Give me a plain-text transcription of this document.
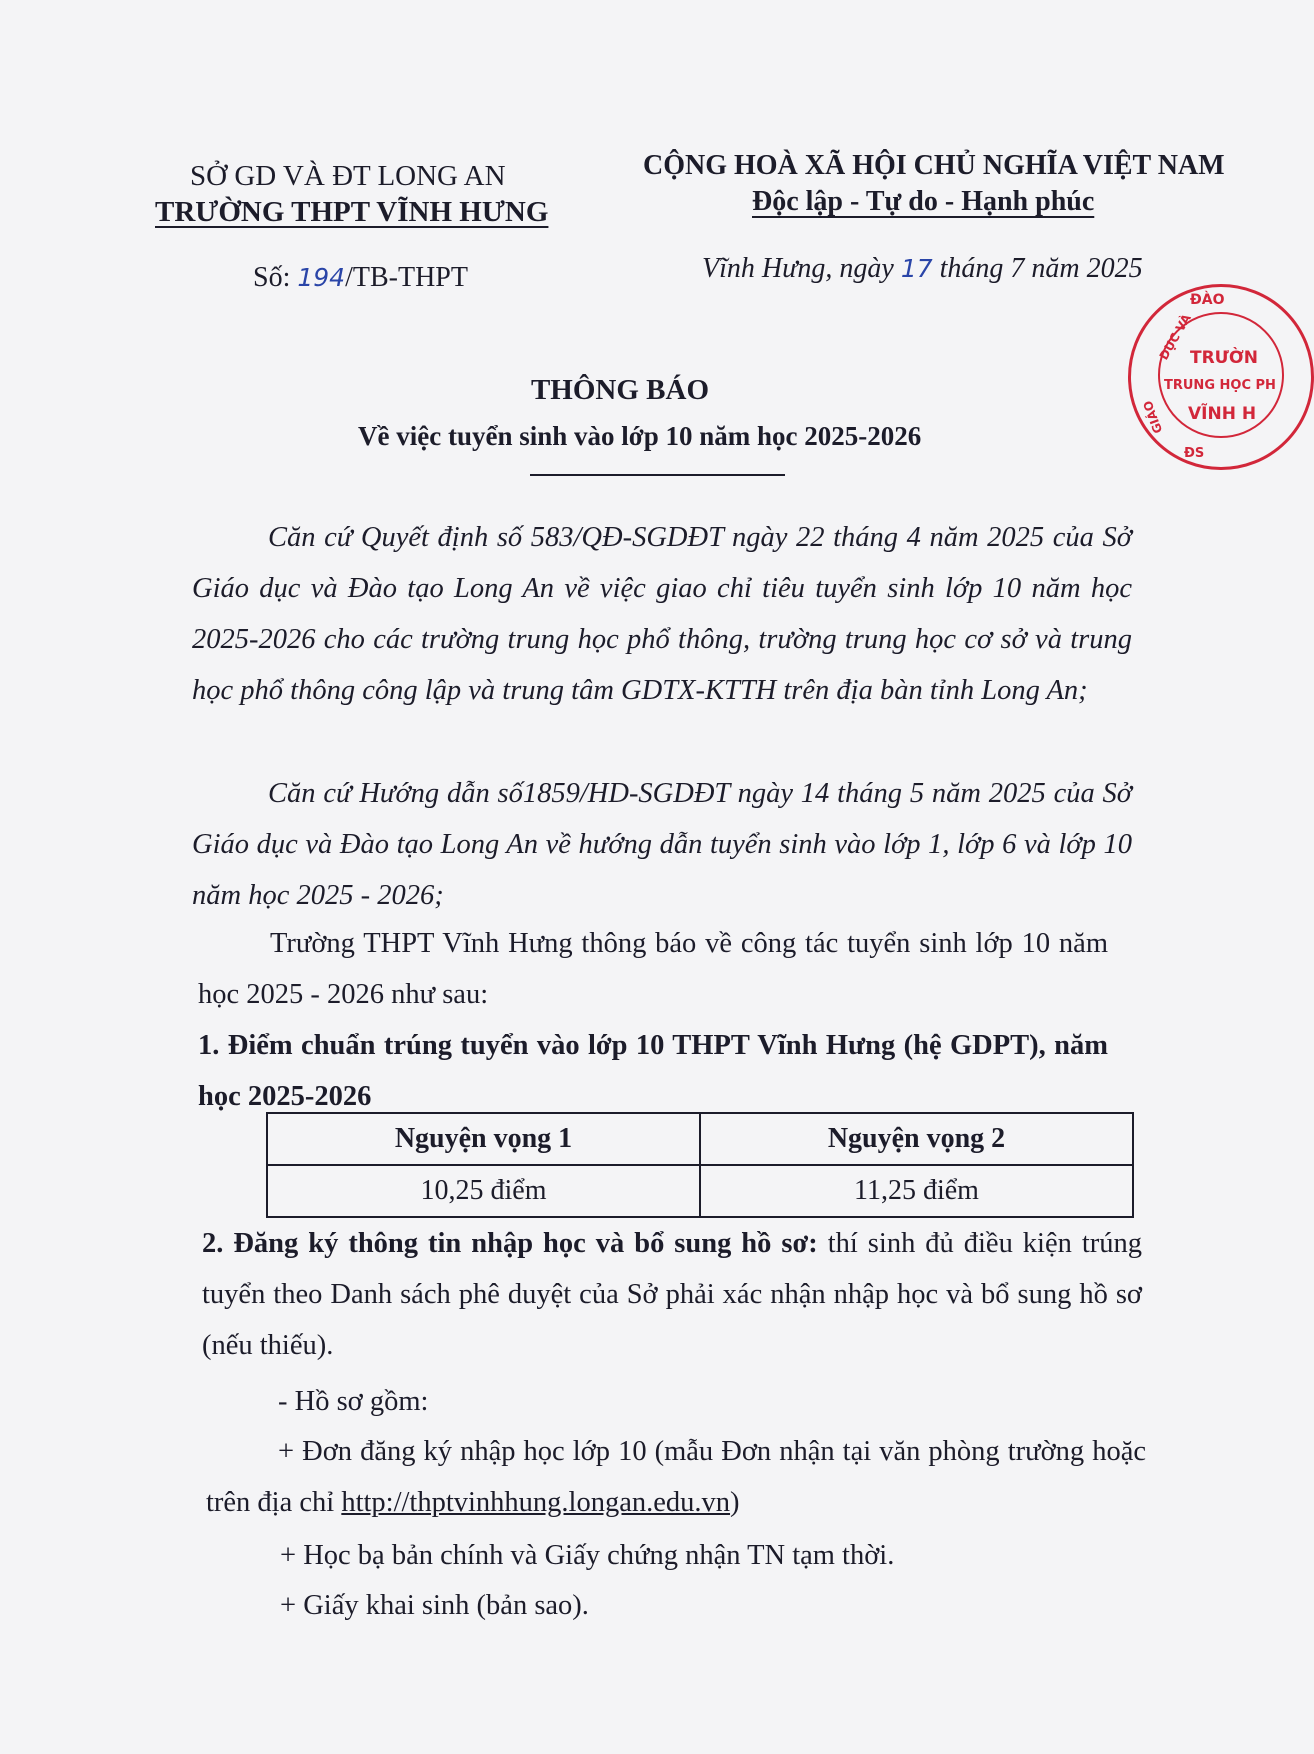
SỞ GD VÀ ĐT LONG AN
TRƯỜNG THPT VĨNH HƯNG
Số: 194/TB-THPT
CỘNG HOÀ XÃ HỘI CHỦ NGHĨA VIỆT NAM
Độc lập - Tự do - Hạnh phúc
Vĩnh Hưng, ngày 17 tháng 7 năm 2025
ĐÀO
DỤC VÀ
GIÁO
ĐS
TRƯỜN
TRUNG HỌC PH
VĨNH H
THÔNG BÁO
Về việc tuyển sinh vào lớp 10 năm học 2025-2026
Căn cứ Quyết định số 583/QĐ-SGDĐT ngày 22 tháng 4 năm 2025 của Sở Giáo dục và Đào tạo Long An về việc giao chỉ tiêu tuyển sinh lớp 10 năm học 2025-2026 cho các trường trung học phổ thông, trường trung học cơ sở và trung học phổ thông công lập và trung tâm GDTX-KTTH trên địa bàn tỉnh Long An;
Căn cứ Hướng dẫn số1859/HD-SGDĐT ngày 14 tháng 5 năm 2025 của Sở Giáo dục và Đào tạo Long An về hướng dẫn tuyển sinh vào lớp 1, lớp 6 và lớp 10 năm học 2025 - 2026;
Trường THPT Vĩnh Hưng thông báo về công tác tuyển sinh lớp 10 năm học 2025 - 2026 như sau:
1. Điểm chuẩn trúng tuyển vào lớp 10 THPT Vĩnh Hưng (hệ GDPT), năm học 2025-2026
Nguyện vọng 1	Nguyện vọng 2
10,25 điểm	11,25 điểm
2. Đăng ký thông tin nhập học và bổ sung hồ sơ: thí sinh đủ điều kiện trúng tuyển theo Danh sách phê duyệt của Sở phải xác nhận nhập học và bổ sung hồ sơ (nếu thiếu).
- Hồ sơ gồm:
+ Đơn đăng ký nhập học lớp 10 (mẫu Đơn nhận tại văn phòng trường hoặc trên địa chỉ http://thptvinhhung.longan.edu.vn)
+ Học bạ bản chính và Giấy chứng nhận TN tạm thời.
+ Giấy khai sinh (bản sao).
